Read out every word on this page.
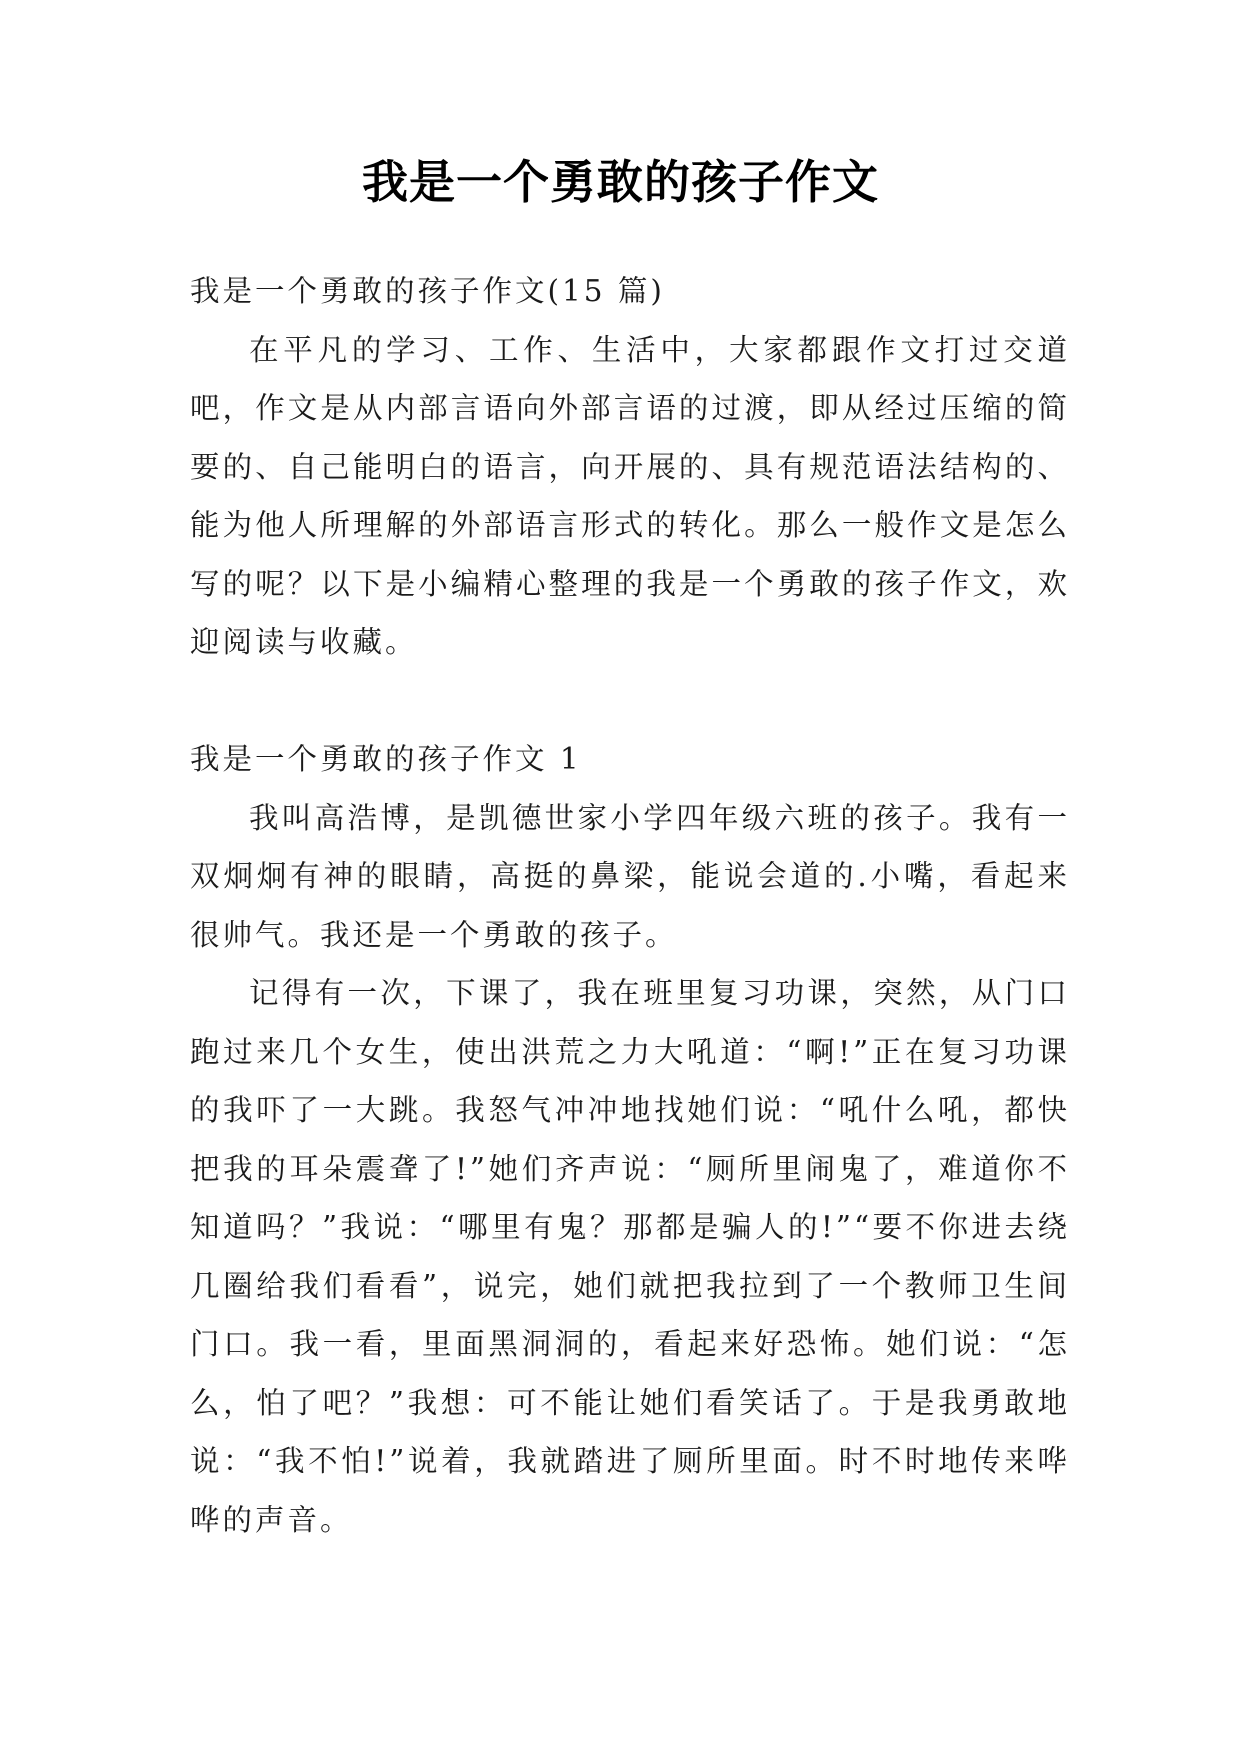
我是一个勇敢的孩子作文

我是一个勇敢的孩子作文(15 篇)

在平凡的学习、工作、生活中，大家都跟作文打过交道吧，作文是从内部言语向外部言语的过渡，即从经过压缩的简要的、自己能明白的语言，向开展的、具有规范语法结构的、能为他人所理解的外部语言形式的转化。那么一般作文是怎么写的呢？以下是小编精心整理的我是一个勇敢的孩子作文，欢迎阅读与收藏。

我是一个勇敢的孩子作文 1

我叫高浩博，是凯德世家小学四年级六班的孩子。我有一双炯炯有神的眼睛，高挺的鼻梁，能说会道的.小嘴，看起来很帅气。我还是一个勇敢的孩子。

记得有一次，下课了，我在班里复习功课，突然，从门口跑过来几个女生，使出洪荒之力大吼道：“啊!”正在复习功课的我吓了一大跳。我怒气冲冲地找她们说：“吼什么吼，都快把我的耳朵震聋了!”她们齐声说：“厕所里闹鬼了，难道你不知道吗？”我说：“哪里有鬼？那都是骗人的!”“要不你进去绕几圈给我们看看”，说完，她们就把我拉到了一个教师卫生间门口。我一看，里面黑洞洞的，看起来好恐怖。她们说：“怎么，怕了吧？”我想：可不能让她们看笑话了。于是我勇敢地说：“我不怕!”说着，我就踏进了厕所里面。时不时地传来哗哗的声音。
